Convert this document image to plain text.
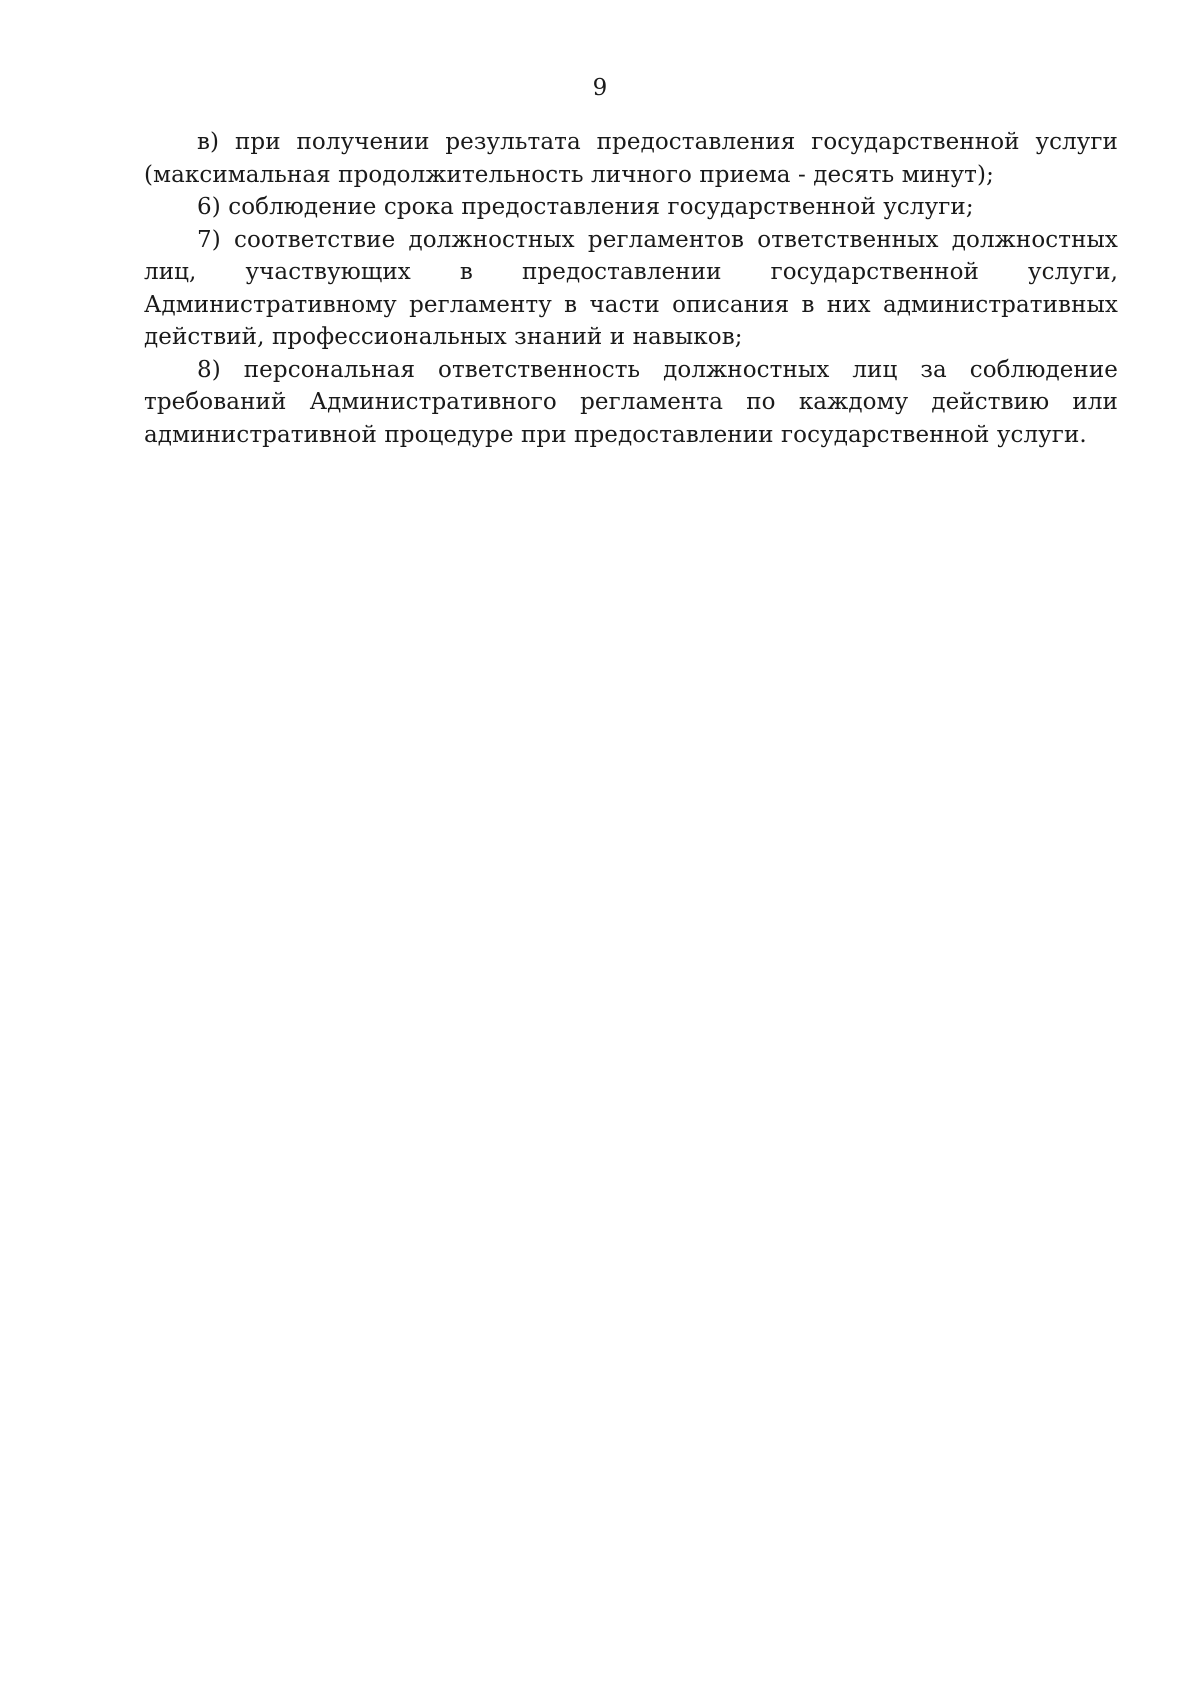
9

в) при получении результата предоставления государственной услуги (максимальная продолжительность личного приема - десять минут);

6) соблюдение срока предоставления государственной услуги;

7) соответствие должностных регламентов ответственных должностных лиц, участвующих в предоставлении государственной услуги, Административному регламенту в части описания в них административных действий, профессиональных знаний и навыков;

8) персональная ответственность должностных лиц за соблюдение требований Административного регламента по каждому действию или административной процедуре при предоставлении государственной услуги.
